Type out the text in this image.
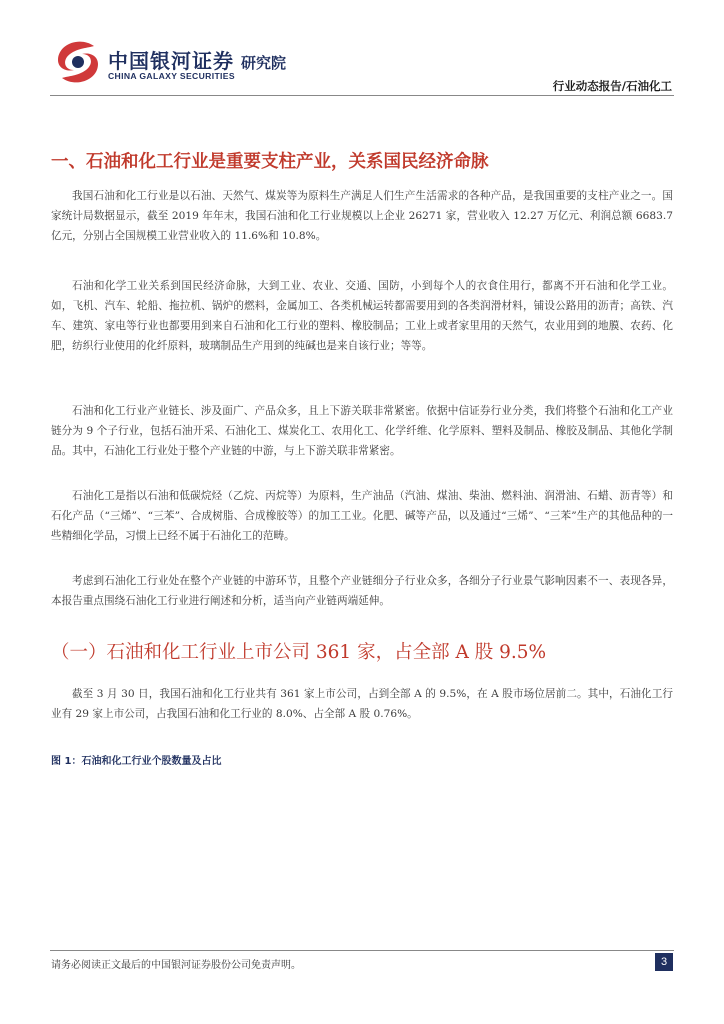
中国银河证券
CHINA GALAXY SECURITIES
研究院
行业动态报告/石油化工
一、石油和化工行业是重要支柱产业，关系国民经济命脉

我国石油和化工行业是以石油、天然气、煤炭等为原料生产满足人们生产生活需求的各种产品，是我国重要的支柱产业之一。国家统计局数据显示，截至 2019 年年末，我国石油和化工行业规模以上企业 26271 家，营业收入 12.27 万亿元、利润总额 6683.7 亿元，分别占全国规模工业营业收入的 11.6%和 10.8%。

石油和化学工业关系到国民经济命脉，大到工业、农业、交通、国防，小到每个人的衣食住用行，都离不开石油和化学工业。如，飞机、汽车、轮船、拖拉机、锅炉的燃料，金属加工、各类机械运转都需要用到的各类润滑材料，铺设公路用的沥青；高铁、汽车、建筑、家电等行业也都要用到来自石油和化工行业的塑料、橡胶制品；工业上或者家里用的天然气，农业用到的地膜、农药、化肥，纺织行业使用的化纤原料，玻璃制品生产用到的纯碱也是来自该行业；等等。

石油和化工行业产业链长、涉及面广、产品众多，且上下游关联非常紧密。依据中信证券行业分类，我们将整个石油和化工产业链分为 9 个子行业，包括石油开采、石油化工、煤炭化工、农用化工、化学纤维、化学原料、塑料及制品、橡胶及制品、其他化学制品。其中，石油化工行业处于整个产业链的中游，与上下游关联非常紧密。

石油化工是指以石油和低碳烷烃（乙烷、丙烷等）为原料，生产油品（汽油、煤油、柴油、燃料油、润滑油、石蜡、沥青等）和石化产品（“三烯”、“三苯”、合成树脂、合成橡胶等）的加工工业。化肥、碱等产品，以及通过“三烯”、“三苯”生产的其他品种的一些精细化学品，习惯上已经不属于石油化工的范畴。

考虑到石油化工行业处在整个产业链的中游环节，且整个产业链细分子行业众多，各细分子行业景气影响因素不一、表现各异，本报告重点围绕石油化工行业进行阐述和分析，适当向产业链两端延伸。

（一）石油和化工行业上市公司 361 家，占全部 A 股 9.5%

截至 3 月 30 日，我国石油和化工行业共有 361 家上市公司，占到全部 A 的 9.5%，在 A 股市场位居前二。其中，石油化工行业有 29 家上市公司，占我国石油和化工行业的 8.0%、占全部 A 股 0.76%。

图 1：石油和化工行业个股数量及占比
请务必阅读正文最后的中国银河证券股份公司免责声明。	3
